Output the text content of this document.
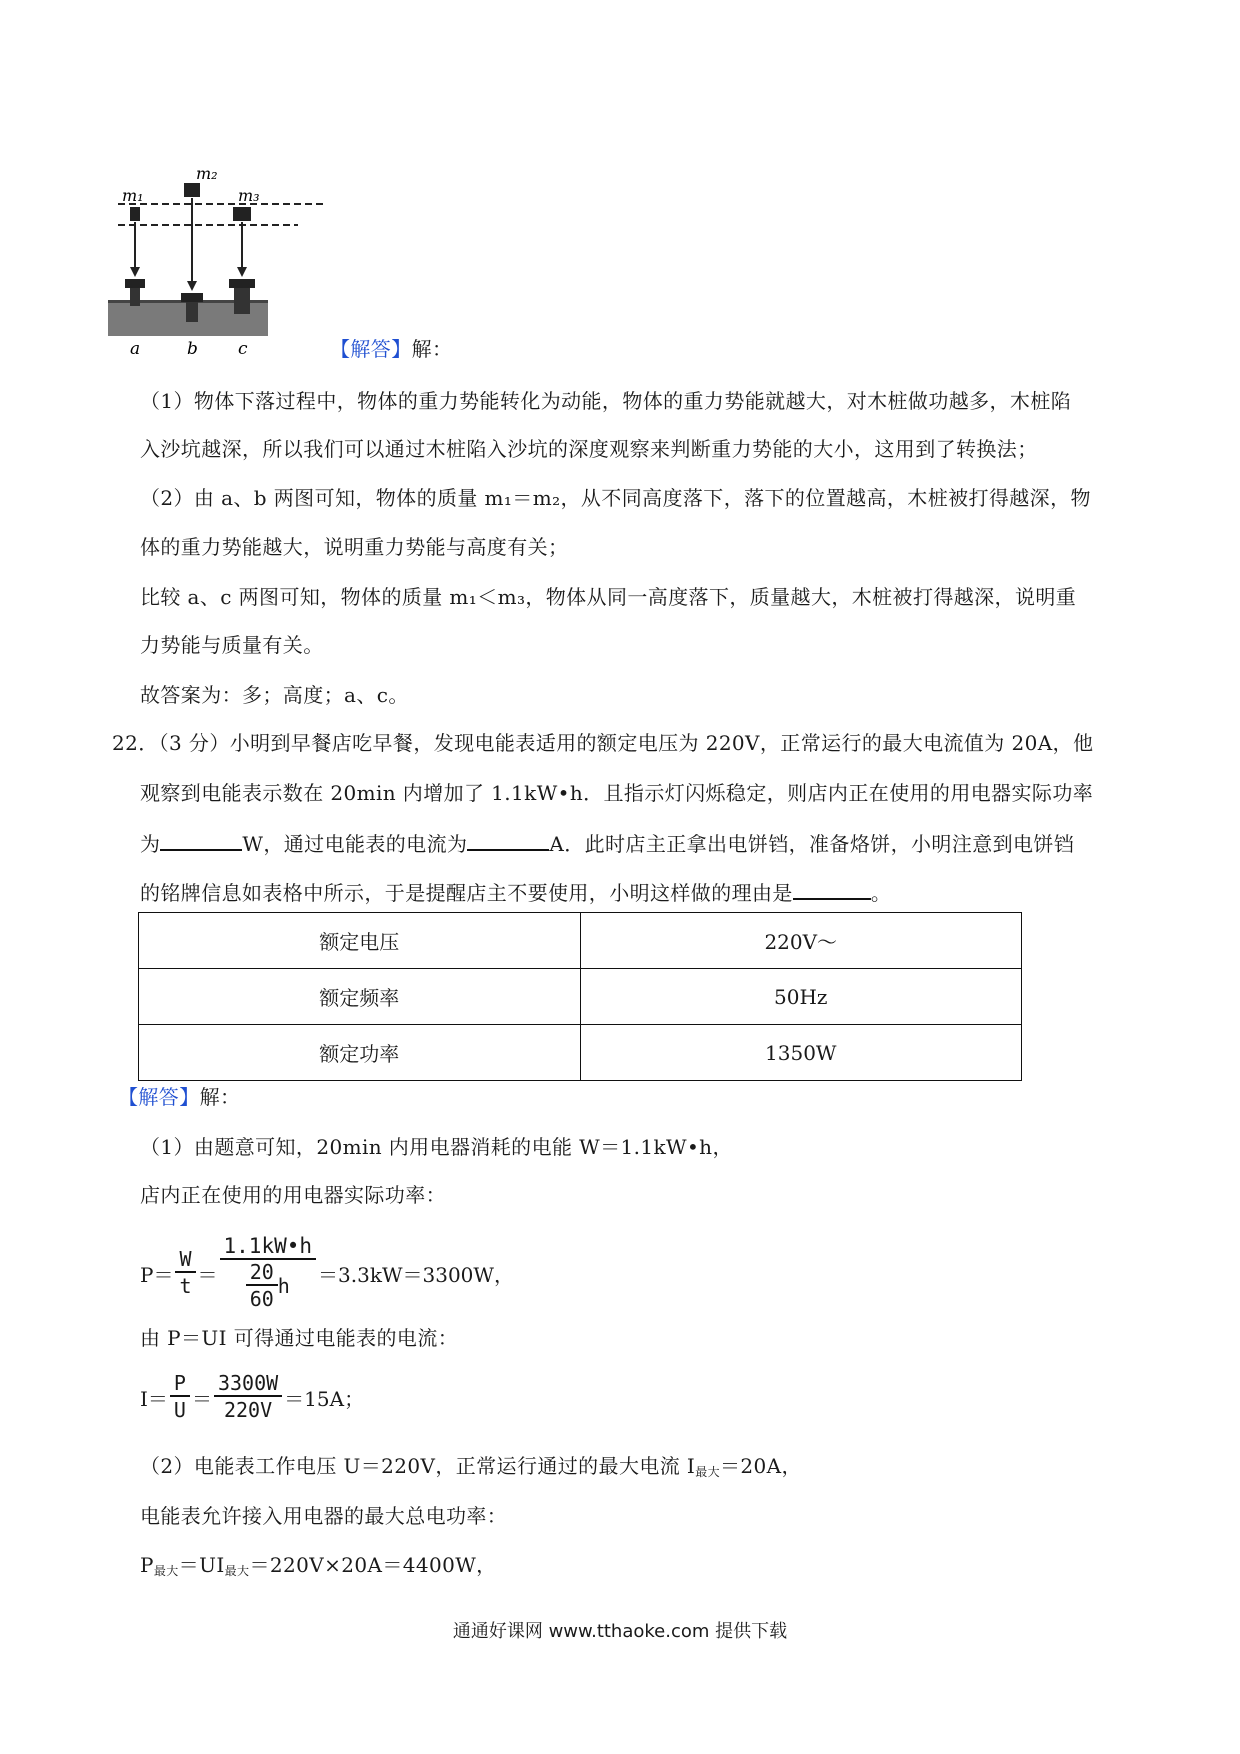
m₁
m₂
m₃
a	b c	【解答】解：
（1）物体下落过程中，物体的重力势能转化为动能，物体的重力势能就越大，对木桩做功越多，木桩陷
入沙坑越深，所以我们可以通过木桩陷入沙坑的深度观察来判断重力势能的大小，这用到了转换法；
（2）由 a、b 两图可知，物体的质量 m₁＝m₂，从不同高度落下，落下的位置越高，木桩被打得越深，物
体的重力势能越大，说明重力势能与高度有关；
比较 a、c 两图可知，物体的质量 m₁＜m₃，物体从同一高度落下，质量越大，木桩被打得越深，说明重
力势能与质量有关。
故答案为：多；高度；a、c。
22．（3 分）小明到早餐店吃早餐，发现电能表适用的额定电压为 220V，正常运行的最大电流值为 20A，他
观察到电能表示数在 20min 内增加了 1.1kW•h．且指示灯闪烁稳定，则店内正在使用的用电器实际功率
为	W，通过电能表的电流为	A．此时店主正拿出电饼铛，准备烙饼，小明注意到电饼铛
的铭牌信息如表格中所示，于是提醒店主不要使用，小明这样做的理由是	。
额定电压	220V～
额定频率	50Hz
额定功率	1350W
【解答】解：
（1）由题意可知，20min 内用电器消耗的电能 W＝1.1kW•h，
店内正在使用的用电器实际功率：
$P= \frac{W}{t} = \frac{1.1kW•h}{\frac{20}{60} h} =3.3kW=3300W$，
由 P＝UI 可得通过电能表的电流：
$I= \frac{P}{U} = \frac{3300W}{220V} =15A$；
（2）电能表工作电压 U＝220V，正常运行通过的最大电流 I最大＝20A，
电能表允许接入用电器的最大总电功率：
P最大＝UI最大＝220V×20A＝4400W，
通通好课网 www.tthaoke.com 提供下载
